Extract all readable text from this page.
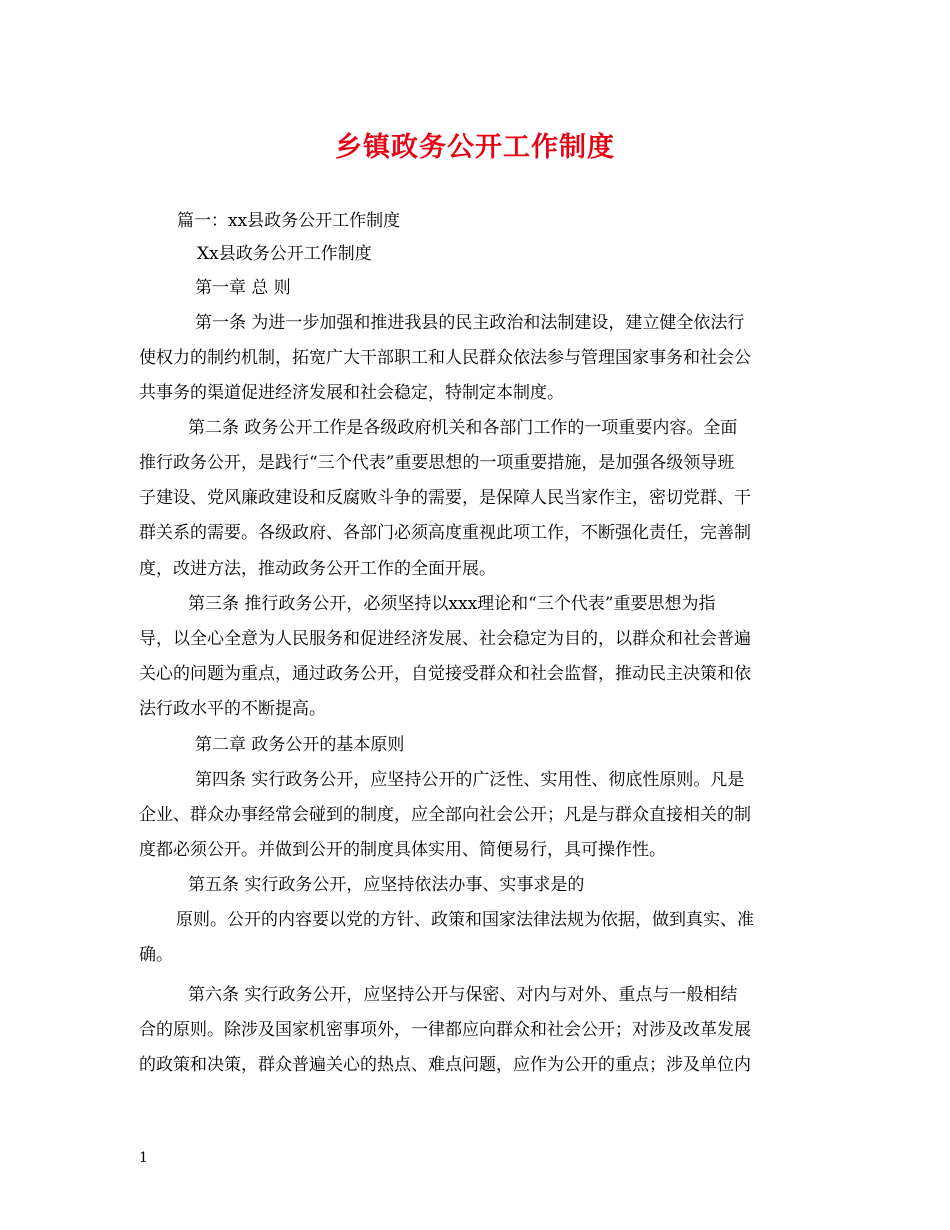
乡镇政务公开工作制度
篇一：xx县政务公开工作制度
Xx县政务公开工作制度
第一章 总 则
第一条 为进一步加强和推进我县的民主政治和法制建设，建立健全依法行
使权力的制约机制，拓宽广大干部职工和人民群众依法参与管理国家事务和社会公
共事务的渠道促进经济发展和社会稳定，特制定本制度。
第二条 政务公开工作是各级政府机关和各部门工作的一项重要内容。全面
推行政务公开，是践行“三个代表”重要思想的一项重要措施，是加强各级领导班
子建设、党风廉政建设和反腐败斗争的需要，是保障人民当家作主，密切党群、干
群关系的需要。各级政府、各部门必须高度重视此项工作，不断强化责任，完善制
度，改进方法，推动政务公开工作的全面开展。
第三条 推行政务公开，必须坚持以xxx理论和“三个代表”重要思想为指
导，以全心全意为人民服务和促进经济发展、社会稳定为目的，以群众和社会普遍
关心的问题为重点，通过政务公开，自觉接受群众和社会监督，推动民主决策和依
法行政水平的不断提高。
第二章 政务公开的基本原则
第四条 实行政务公开，应坚持公开的广泛性、实用性、彻底性原则。凡是
企业、群众办事经常会碰到的制度，应全部向社会公开；凡是与群众直接相关的制
度都必须公开。并做到公开的制度具体实用、简便易行，具可操作性。
第五条 实行政务公开，应坚持依法办事、实事求是的
原则。公开的内容要以党的方针、政策和国家法律法规为依据，做到真实、准
确。
第六条 实行政务公开，应坚持公开与保密、对内与对外、重点与一般相结
合的原则。除涉及国家机密事项外，一律都应向群众和社会公开；对涉及改革发展
的政策和决策，群众普遍关心的热点、难点问题，应作为公开的重点；涉及单位内
1
